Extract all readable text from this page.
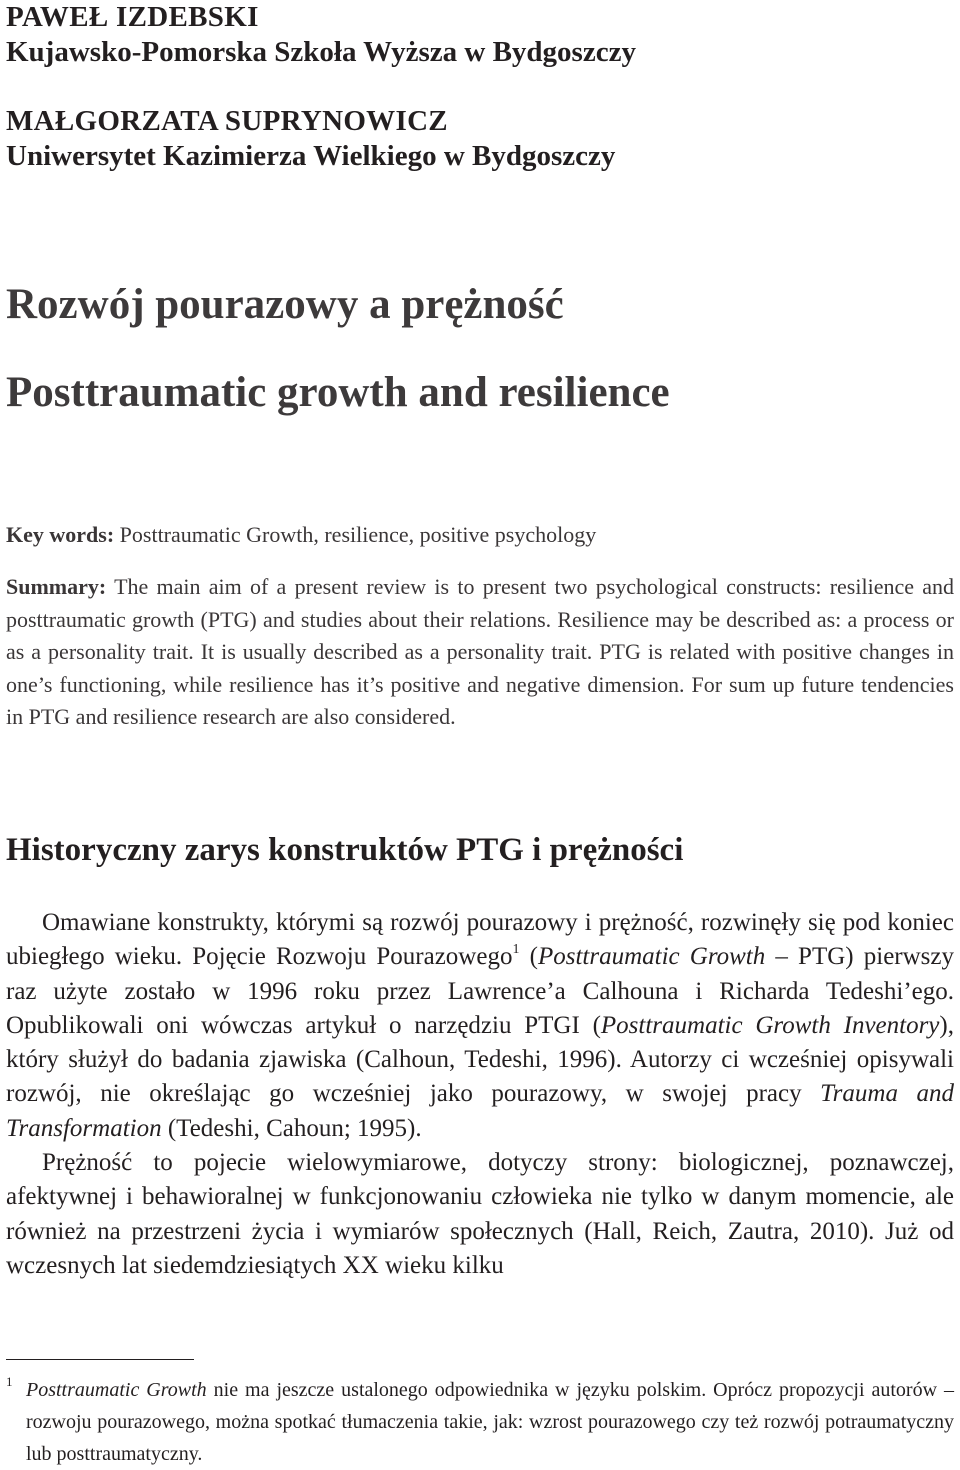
PAWEŁ IZDEBSKI
Kujawsko-Pomorska Szkoła Wyższa w Bydgoszczy
MAŁGORZATA SUPRYNOWICZ
Uniwersytet Kazimierza Wielkiego w Bydgoszczy
Rozwój pourazowy a prężność
Posttraumatic growth and resilience
Key words: Posttraumatic Growth, resilience, positive psychology
Summary: The main aim of a present review is to present two psychological constructs: resilience and posttraumatic growth (PTG) and studies about their relations. Resilience may be described as: a process or as a personality trait. It is usually described as a personality trait. PTG is related with positive changes in one’s functioning, while resilience has it’s positive and negative dimension. For sum up future tendencies in PTG and resilience research are also considered.
Historyczny zarys konstruktów PTG i prężności

Omawiane konstrukty, którymi są rozwój pourazowy i prężność, rozwinęły się pod koniec ubiegłego wieku. Pojęcie Rozwoju Pourazowego$^1$ (Posttraumatic Growth – PTG) pierwszy raz użyte zostało w 1996 roku przez Lawrence’a Calhouna i Richarda Tedeshi’ego. Opublikowali oni wówczas artykuł o narzędziu PTGI (Posttraumatic Growth Inventory), który służył do badania zjawiska (Calhoun, Tedeshi, 1996). Autorzy ci wcześniej opisywali rozwój, nie określając go wcześniej jako pourazowy, w swojej pracy Trauma and Transformation (Tedeshi, Cahoun; 1995).

Prężność to pojecie wielowymiarowe, dotyczy strony: biologicznej, poznawczej, afektywnej i behawioralnej w funkcjonowaniu człowieka nie tylko w danym momencie, ale również na przestrzeni życia i wymiarów społecznych (Hall, Reich, Zautra, 2010). Już od wczesnych lat siedemdziesiątych XX wieku kilku

1 Posttraumatic Growth nie ma jeszcze ustalonego odpowiednika w języku polskim. Oprócz propozycji autorów – rozwoju pourazowego, można spotkać tłumaczenia takie, jak: wzrost pourazowego czy też rozwój potraumatyczny lub posttraumatyczny.
